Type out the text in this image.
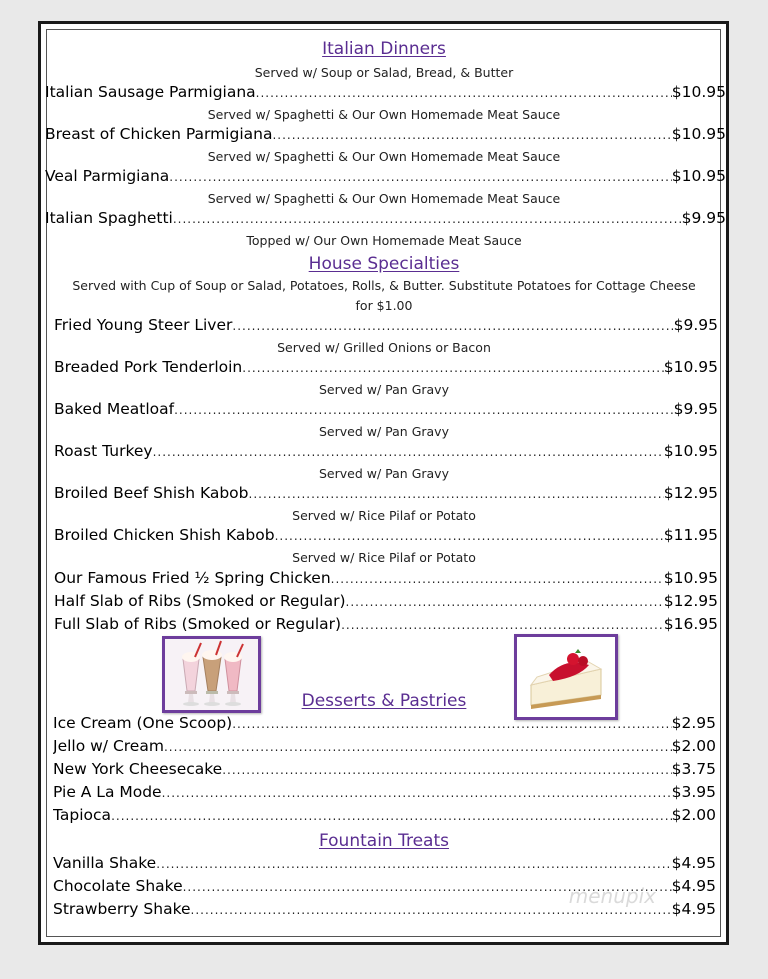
Italian Dinners
Served w/ Soup or Salad, Bread, & Butter
Italian Sausage Parmigiana .....	$10.95
Served w/ Spaghetti & Our Own Homemade Meat Sauce
Breast of Chicken Parmigiana .....	$10.95
Served w/ Spaghetti & Our Own Homemade Meat Sauce
Veal Parmigiana .....	$10.95
Served w/ Spaghetti & Our Own Homemade Meat Sauce
Italian Spaghetti .....	$9.95
Topped w/ Our Own Homemade Meat Sauce
House Specialties
Served with Cup of Soup or Salad, Potatoes, Rolls, & Butter. Substitute Potatoes for Cottage Cheese for $1.00
Fried Young Steer Liver .....	$9.95
Served w/ Grilled Onions or Bacon
Breaded Pork Tenderloin .....	$10.95
Served w/ Pan Gravy
Baked Meatloaf .....	$9.95
Served w/ Pan Gravy
Roast Turkey .....	$10.95
Served w/ Pan Gravy
Broiled Beef Shish Kabob .....	$12.95
Served w/ Rice Pilaf or Potato
Broiled Chicken Shish Kabob .....	$11.95
Served w/ Rice Pilaf or Potato
Our Famous Fried ½ Spring Chicken .....	$10.95
Half Slab of Ribs (Smoked or Regular) .....	$12.95
Full Slab of Ribs (Smoked or Regular) .....	$16.95
Desserts & Pastries
Ice Cream (One Scoop) .....	$2.95
Jello w/ Cream .....	$2.00
New York Cheesecake .....	$3.75
Pie A La Mode .....	$3.95
Tapioca .....	$2.00
Fountain Treats
Vanilla Shake .....	$4.95
Chocolate Shake .....	$4.95
Strawberry Shake .....	$4.95
menupix
